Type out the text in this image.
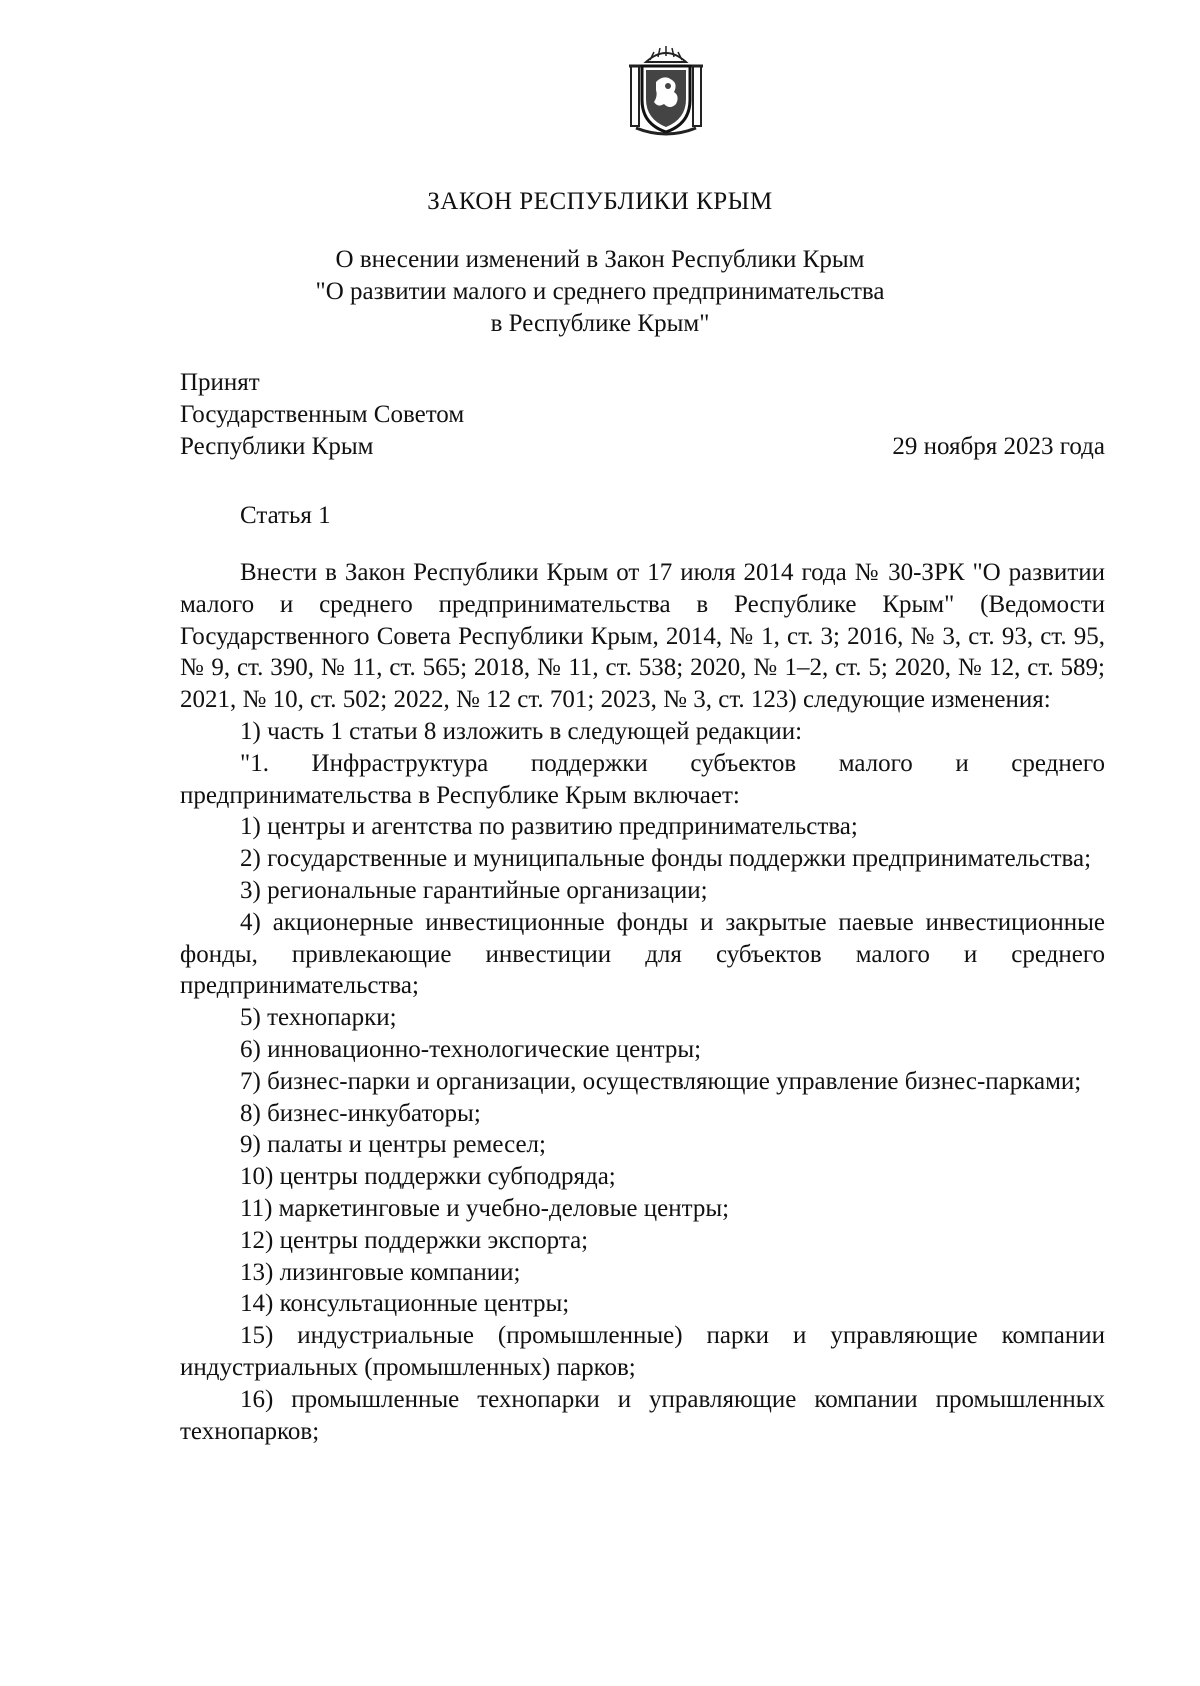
ЗАКОН РЕСПУБЛИКИ КРЫМ
О внесении изменений в Закон Республики Крым
"О развитии малого и среднего предпринимательства
в Республике Крым"
Принят
Государственным Советом
Республики Крым	29 ноября 2023 года
Статья 1

Внести в Закон Республики Крым от 17 июля 2014 года № 30-ЗРК "О развитии малого и среднего предпринимательства в Республике Крым" (Ведомости Государственного Совета Республики Крым, 2014, № 1, ст. 3; 2016, № 3, ст. 93, ст. 95, № 9, ст. 390, № 11, ст. 565; 2018, № 11, ст. 538; 2020, № 1–2, ст. 5; 2020, № 12, ст. 589; 2021, № 10, ст. 502; 2022, № 12 ст. 701; 2023, № 3, ст. 123) следующие изменения:

1) часть 1 статьи 8 изложить в следующей редакции:

"1. Инфраструктура поддержки субъектов малого и среднего предпринимательства в Республике Крым включает:

1) центры и агентства по развитию предпринимательства;

2) государственные и муниципальные фонды поддержки предпринимательства;

3) региональные гарантийные организации;

4) акционерные инвестиционные фонды и закрытые паевые инвестиционные фонды, привлекающие инвестиции для субъектов малого и среднего предпринимательства;

5) технопарки;

6) инновационно-технологические центры;

7) бизнес-парки и организации, осуществляющие управление бизнес-парками;

8) бизнес-инкубаторы;

9) палаты и центры ремесел;

10) центры поддержки субподряда;

11) маркетинговые и учебно-деловые центры;

12) центры поддержки экспорта;

13) лизинговые компании;

14) консультационные центры;

15) индустриальные (промышленные) парки и управляющие компании индустриальных (промышленных) парков;

16) промышленные технопарки и управляющие компании промышленных технопарков;
